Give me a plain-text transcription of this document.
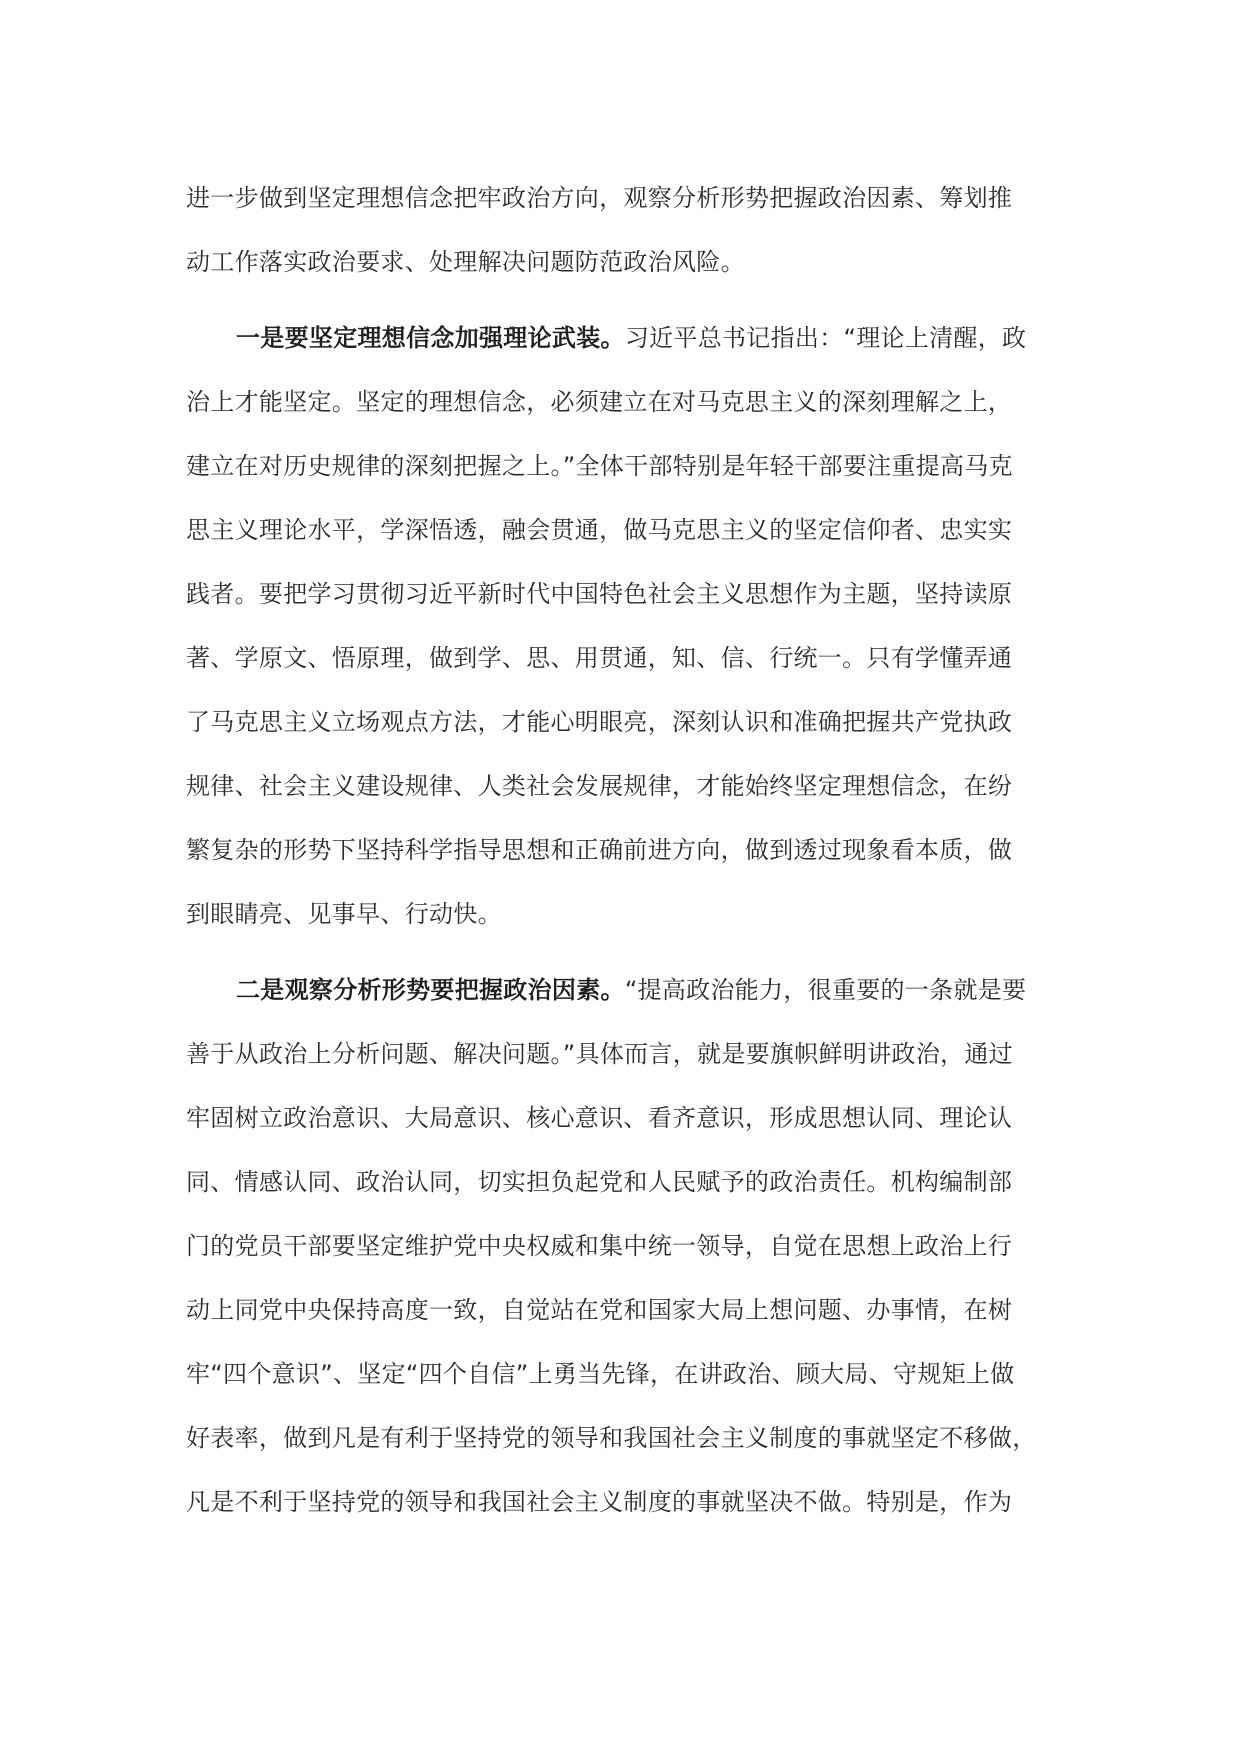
进一步做到坚定理想信念把牢政治方向，观察分析形势把握政治因素、筹划推
动工作落实政治要求、处理解决问题防范政治风险。
一是要坚定理想信念加强理论武装。习近平总书记指出：“理论上清醒，政
治上才能坚定。坚定的理想信念，必须建立在对马克思主义的深刻理解之上，
建立在对历史规律的深刻把握之上。”全体干部特别是年轻干部要注重提高马克
思主义理论水平，学深悟透，融会贯通，做马克思主义的坚定信仰者、忠实实
践者。要把学习贯彻习近平新时代中国特色社会主义思想作为主题，坚持读原
著、学原文、悟原理，做到学、思、用贯通，知、信、行统一。只有学懂弄通
了马克思主义立场观点方法，才能心明眼亮，深刻认识和准确把握共产党执政
规律、社会主义建设规律、人类社会发展规律，才能始终坚定理想信念，在纷
繁复杂的形势下坚持科学指导思想和正确前进方向，做到透过现象看本质，做
到眼睛亮、见事早、行动快。
二是观察分析形势要把握政治因素。“提高政治能力，很重要的一条就是要
善于从政治上分析问题、解决问题。”具体而言，就是要旗帜鲜明讲政治，通过
牢固树立政治意识、大局意识、核心意识、看齐意识，形成思想认同、理论认
同、情感认同、政治认同，切实担负起党和人民赋予的政治责任。机构编制部
门的党员干部要坚定维护党中央权威和集中统一领导，自觉在思想上政治上行
动上同党中央保持高度一致，自觉站在党和国家大局上想问题、办事情，在树
牢“四个意识”、坚定“四个自信”上勇当先锋，在讲政治、顾大局、守规矩上做
好表率，做到凡是有利于坚持党的领导和我国社会主义制度的事就坚定不移做，
凡是不利于坚持党的领导和我国社会主义制度的事就坚决不做。特别是，作为
